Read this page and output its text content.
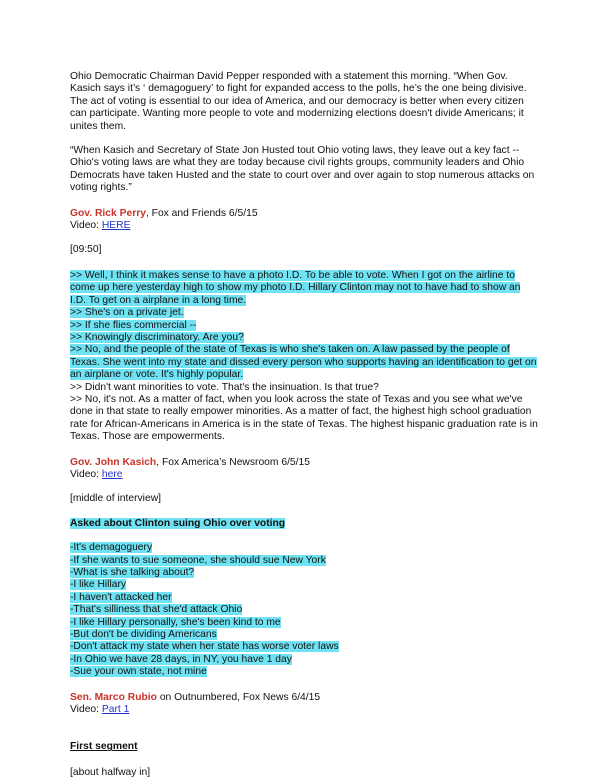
Ohio Democratic Chairman David Pepper responded with a statement this morning. “When Gov. Kasich says it’s ‘ demagoguery’ to fight for expanded access to the polls, he’s the one being divisive. The act of voting is essential to our idea of America, and our democracy is better when every citizen can participate. Wanting more people to vote and modernizing elections doesn't divide Americans; it unites them.

“When Kasich and Secretary of State Jon Husted tout Ohio voting laws, they leave out a key fact -- Ohio's voting laws are what they are today because civil rights groups, community leaders and Ohio Democrats have taken Husted and the state to court over and over again to stop numerous attacks on voting rights.”

Gov. Rick Perry, Fox and Friends 6/5/15
Video: HERE
[09:50]
>> Well, I think it makes sense to have a photo I.D. To be able to vote. When I got on the airline to come up here yesterday high to show my photo I.D. Hillary Clinton may not to have had to show an I.D. To get on a airplane in a long time.
>> She's on a private jet.
>> If she flies commercial --
>> Knowingly discriminatory. Are you?
>> No, and the people of the state of Texas is who she's taken on. A law passed by the people of Texas. She went into my state and dissed every person who supports having an identification to get on an airplane or vote. It's highly popular.
>> Didn't want minorities to vote. That's the insinuation. Is that true?
>> No, it's not. As a matter of fact, when you look across the state of Texas and you see what we've done in that state to really empower minorities. As a matter of fact, the highest high school graduation rate for African-Americans in America is in the state of Texas. The highest hispanic graduation rate is in Texas. Those are empowerments.
Gov. John Kasich, Fox America’s Newsroom 6/5/15
Video: here
[middle of interview]
Asked about Clinton suing Ohio over voting
-It's demagoguery
-If she wants to sue someone, she should sue New York
-What is she talking about?
-I like Hillary
-I haven't attacked her
-That's silliness that she'd attack Ohio
-I like Hillary personally, she's been kind to me
-But don't be dividing Americans
-Don't attack my state when her state has worse voter laws
-In Ohio we have 28 days, in NY, you have 1 day
-Sue your own state, not mine
Sen. Marco Rubio on Outnumbered, Fox News 6/4/15
Video: Part 1
First segment
[about halfway in]
